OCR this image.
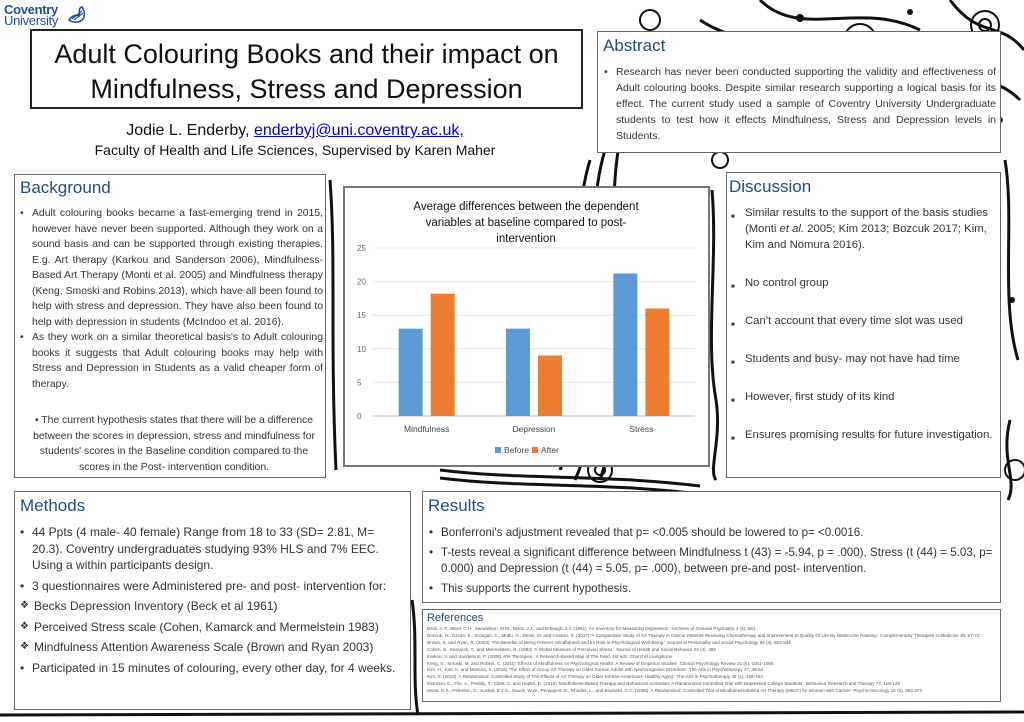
Coventry
University
Adult Colouring Books and their impact on
Mindfulness, Stress and Depression
Jodie L. Enderby, enderbyj@uni.coventry.ac.uk,
Faculty of Health and Life Sciences, Supervised by Karen Maher
Abstract
• Research has never been conducted supporting the validity and effectiveness of Adult colouring books. Despite similar research supporting a logical basis for its effect. The current study used a sample of Coventry University Undergraduate students to test how it effects Mindfulness, Stress and Depression levels in Students.
Background
• Adult colouring books became a fast-emerging trend in 2015, however have never been supported. Although they work on a sound basis and can be supported through existing therapies. E.g. Art therapy (Karkou and Sanderson 2006), Mindfulness-Based Art Therapy (Monti et al. 2005) and Mindfulness therapy (Keng, Smoski and Robins 2013), which have all been found to help with stress and depression. They have also been found to help with depression in students (McIndoo et al. 2016).
• As they work on a similar theoretical basis's to Adult colouring books it suggests that Adult colouring books may help with Stress and Depression in Students as a valid cheaper form of therapy.
• The current hypothesis states that there will be a difference between the scores in depression, stress and mindfulness for students' scores in the Baseline condition compared to the scores in the Post- intervention condition.
Average differences between the dependent
variables at baseline compared to post-
intervention
0
5
10
15
20
25
Mindfulness	Depression	Stress
Before After
Discussion
■ Similar results to the support of the basis studies (Monti et al. 2005; Kim 2013; Bozcuk 2017; Kim, Kim and Nomura 2016).
■ No control group
■ Can’t account that every time slot was used
■ Students and busy- may not have had time
■ However, first study of its kind
■ Ensures promising results for future investigation.
Methods
• 44 Ppts (4 male- 40 female) Range from 18 to 33 (SD= 2.81, M= 20.3). Coventry undergraduates studying 93% HLS and 7% EEC. Using a within participants design.
• 3 questionnaires were Administered pre- and post- intervention for:
❖ Becks Depression Inventory (Beck et al 1961)
❖ Perceived Stress scale (Cohen, Kamarck and Mermelstein 1983)
❖ Mindfulness Attention Awareness Scale (Brown and Ryan 2003)
• Participated in 15 minutes of colouring, every other day, for 4 weeks.
Results
• Bonferroni's adjustment revealed that p= <0.005 should be lowered to p= <0.0016.
• T-tests reveal a significant difference between Mindfulness t (43) = -5.94, p = .000), Stress (t (44) = 5.03, p= 0.000) and Depression (t (44) = 5.05, p= .000), between pre-and post- intervention.
• This supports the current hypothesis.
References
Beck, A.T., Ward, C.H., Mendelson, M.M., Mock, J.J., and Erbaugh, J.J. (1961) 'An Inventory for Measuring Depression.' Archives of General Psychiatry 4 (6), 561
Bozcuk, H., Ozcan, K., Erdogan, C., Mutlu, H., Demir, M. and Coskun, S. (2017) 'A Comparative Study of Art Therapy in Cancer Patients Receiving Chemotherapy and Improvement In Quality Of Life By Watercolor Painting'. Complementary Therapies in Medicine 30, 67-72
Brown, K. and Ryan, R. (2003) 'The Benefits of Being Present: Mindfulness and Its Role in Psychological Well-Being.' Journal of Personality and Social Psychology 84 (4), 822-848
Cohen, S., Kamarck, T., and Mermelstein, R. (1983) 'A Global Measure of Perceived Stress.' Journal of Health and Social Behavior 24 (4), 385
Karkou, V. and Sanderson, P. (2006) Arts Therapies : A Research-Based Map of The Field. 1st edn. Churchill Livingstone
Keng, S., Smoski, M. and Robins, C. (2011) 'Effects of Mindfulness on Psychological Health: A Review of Empirical Studies'. Clinical Psychology Review 31 (6), 1041-1056
Kim, H., Kim, K. and Nomura, S. (2016) 'The Effect of Group Art Therapy on Older Korean Adults with Neurocognitive Disorders'. The Arts in Psychotherapy 47, 48-54
Kim, S. (2013) 'A Randomized, Controlled Study of The Effects of Art Therapy on Older Korean-Americans' Healthy Aging'. The Arts in Psychotherapy 40 (1), 158-164
McIndoo, C., File, A., Preddy, T., Clark, C. and Hopko, D. (2016) 'Mindfulness-Based Therapy and Behavioral Activation: A Randomized Controlled Trial with Depressed College Students'. Behaviour Research and Therapy 77, 118-128
Monti, D.A., Peterson, C., Kunkel, E.J.S., Hauck, W.W., Pequignot, E., Rhodes, L., and Brainard, G.C. (2006) 'A Randomized, Controlled Trial of Mindfulness-Based Art Therapy (MBAT) for Women with Cancer.' Psycho-Oncology 15 (5), 363-373
